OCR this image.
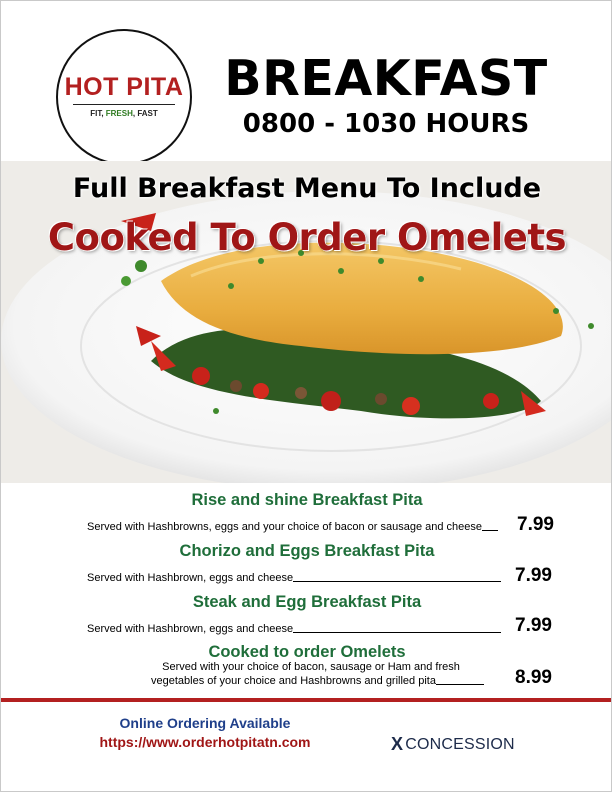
HOT PITA
FIT, FRESH, FAST
BREAKFAST
0800 - 1030 HOURS
Full Breakfast Menu To Include
Cooked To Order Omelets
Rise and shine Breakfast Pita
Served with Hashbrowns, eggs and your choice of bacon or sausage and cheese 7.99
Chorizo and Eggs Breakfast Pita
Served with Hashbrown, eggs and cheese	7.99
Steak and Egg Breakfast Pita
Served with Hashbrown, eggs and cheese	7.99
Cooked to order Omelets
Served with your choice of bacon, sausage or Ham and fresh
vegetables of your choice and Hashbrowns and grilled pita	8.99
Online Ordering Available
https://www.orderhotpitatn.com	X CONCESSION
